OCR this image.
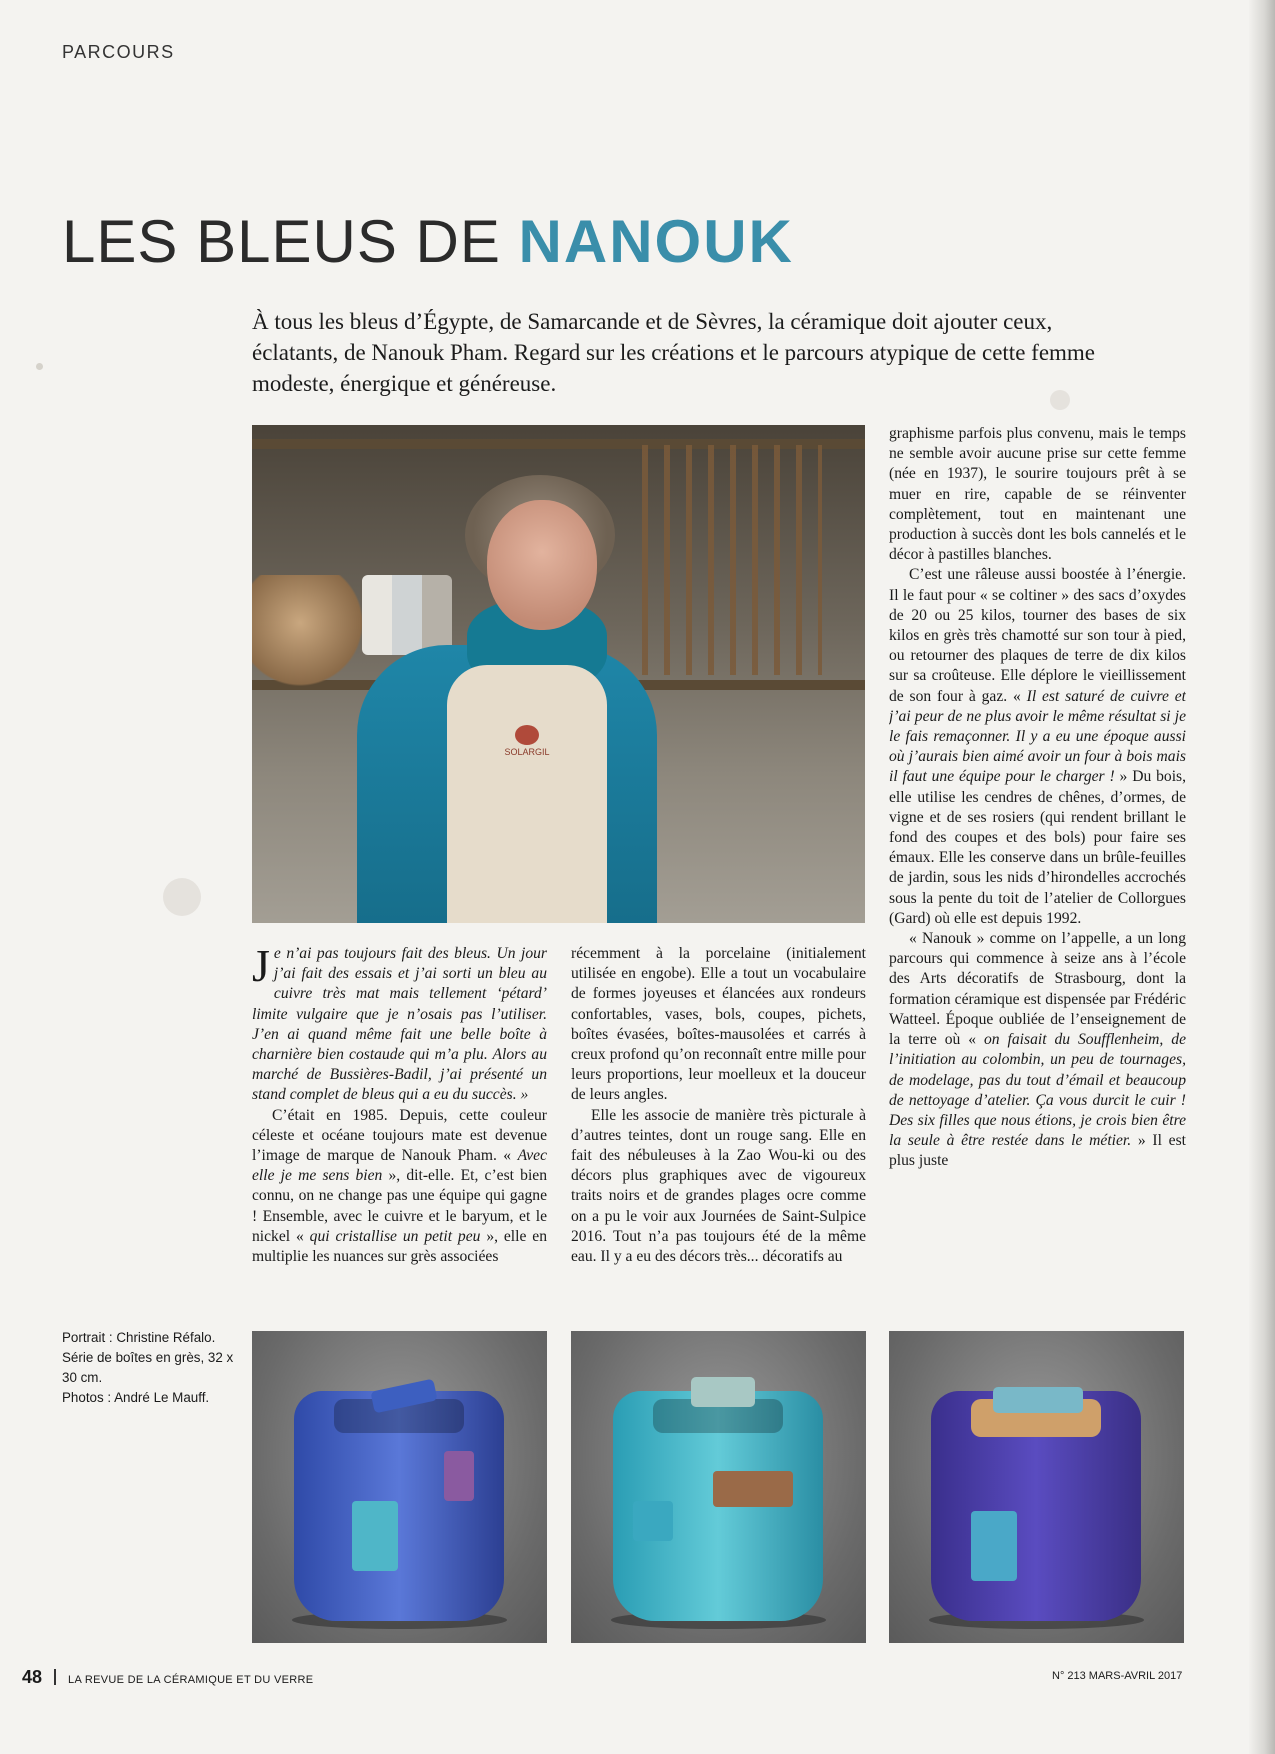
PARCOURS
LES BLEUS DE NANOUK

À tous les bleus d’Égypte, de Samarcande et de Sèvres, la céramique doit ajouter ceux, éclatants, de Nanouk Pham. Regard sur les créations et le parcours atypique de cette femme modeste, énergique et généreuse.

SOLARGIL

Je n’ai pas toujours fait des bleus. Un jour j’ai fait des essais et j’ai sorti un bleu au cuivre très mat mais tellement ‘pétard’ limite vulgaire que je n’osais pas l’utiliser. J’en ai quand même fait une belle boîte à charnière bien costaude qui m’a plu. Alors au marché de Bussières-Badil, j’ai présenté un stand complet de bleus qui a eu du succès. »

C’était en 1985. Depuis, cette couleur céleste et océane toujours mate est devenue l’image de marque de Nanouk Pham. « Avec elle je me sens bien », dit-elle. Et, c’est bien connu, on ne change pas une équipe qui gagne ! Ensemble, avec le cuivre et le baryum, et le nickel « qui cristallise un petit peu », elle en multiplie les nuances sur grès associées

récemment à la porcelaine (initialement utilisée en engobe). Elle a tout un vocabulaire de formes joyeuses et élancées aux rondeurs confortables, vases, bols, coupes, pichets, boîtes évasées, boîtes-mausolées et carrés à creux profond qu’on reconnaît entre mille pour leurs proportions, leur moelleux et la douceur de leurs angles.

Elle les associe de manière très picturale à d’autres teintes, dont un rouge sang. Elle en fait des nébuleuses à la Zao Wou-ki ou des décors plus graphiques avec de vigoureux traits noirs et de grandes plages ocre comme on a pu le voir aux Journées de Saint-Sulpice 2016. Tout n’a pas toujours été de la même eau. Il y a eu des décors très... décoratifs au

graphisme parfois plus convenu, mais le temps ne semble avoir aucune prise sur cette femme (née en 1937), le sourire toujours prêt à se muer en rire, capable de se réinventer complètement, tout en maintenant une production à succès dont les bols cannelés et le décor à pastilles blanches.

C’est une râleuse aussi boostée à l’énergie. Il le faut pour « se coltiner » des sacs d’oxydes de 20 ou 25 kilos, tourner des bases de six kilos en grès très chamotté sur son tour à pied, ou retourner des plaques de terre de dix kilos sur sa croûteuse. Elle déplore le vieillissement de son four à gaz. « Il est saturé de cuivre et j’ai peur de ne plus avoir le même résultat si je le fais remaçonner. Il y a eu une époque aussi où j’aurais bien aimé avoir un four à bois mais il faut une équipe pour le charger ! » Du bois, elle utilise les cendres de chênes, d’ormes, de vigne et de ses rosiers (qui rendent brillant le fond des coupes et des bols) pour faire ses émaux. Elle les conserve dans un brûle-feuilles de jardin, sous les nids d’hirondelles accrochés sous la pente du toit de l’atelier de Collorgues (Gard) où elle est depuis 1992.

« Nanouk » comme on l’appelle, a un long parcours qui commence à seize ans à l’école des Arts décoratifs de Strasbourg, dont la formation céramique est dispensée par Frédéric Watteel. Époque oubliée de l’enseignement de la terre où « on faisait du Soufflenheim, de l’initiation au colombin, un peu de tournages, de modelage, pas du tout d’émail et beaucoup de nettoyage d’atelier. Ça vous durcit le cuir ! Des six filles que nous étions, je crois bien être la seule à être restée dans le métier. » Il est plus juste

Portrait : Christine Réfalo.
Série de boîtes en grès, 32 x 30 cm.
Photos : André Le Mauff.
48 LA REVUE DE LA CÉRAMIQUE ET DU VERRE	N° 213 MARS-AVRIL 2017
